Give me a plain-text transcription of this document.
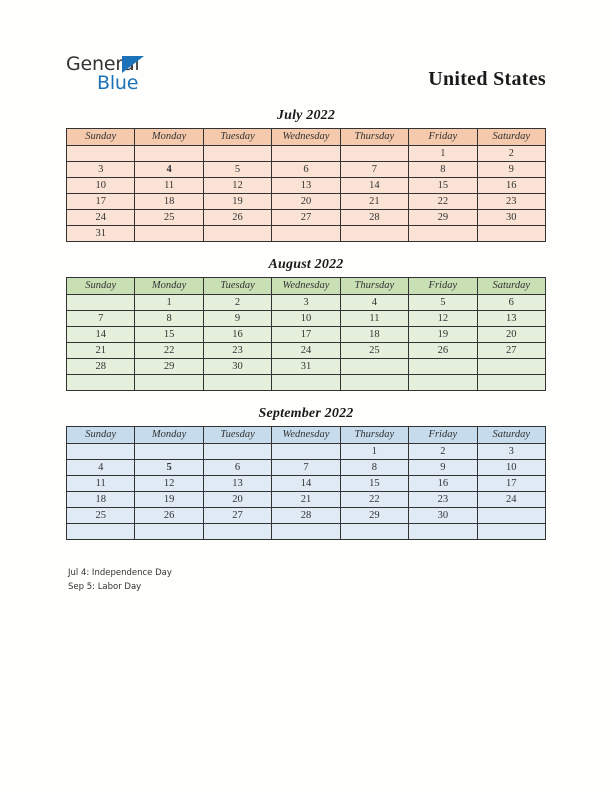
General
Blue	United States
July 2022
Sunday	Monday	Tuesday	Wednesday	Thursday	Friday	Saturday
					1	2
3	4	5	6	7	8	9
10	11	12	13	14	15	16
17	18	19	20	21	22	23
24	25	26	27	28	29	30
31						
August 2022
Sunday	Monday	Tuesday	Wednesday	Thursday	Friday	Saturday
	1	2	3	4	5	6
7	8	9	10	11	12	13
14	15	16	17	18	19	20
21	22	23	24	25	26	27
28	29	30	31			

September 2022
Sunday	Monday	Tuesday	Wednesday	Thursday	Friday	Saturday
				1	2	3
4	5	6	7	8	9	10
11	12	13	14	15	16	17
18	19	20	21	22	23	24
25	26	27	28	29	30	

Jul 4: Independence Day
Sep 5: Labor Day
